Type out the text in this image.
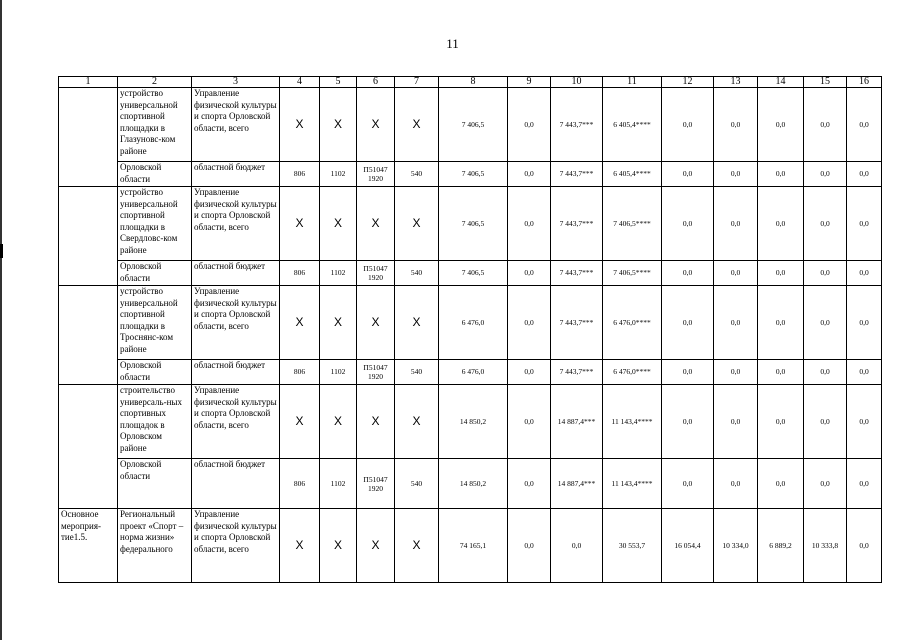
11
1	2	3	4	5	6	7	8	9	10	11	12	13	14	15	16
	устройство универсальной спортивной площадки в Глазуновс-ком районе	Управление физической культуры и спорта Орловской области, всего	Х	Х	Х	Х	7 406,5	0,0	7 443,7***	6 405,4****	0,0	0,0	0,0	0,0	0,0
	Орловской области	областной бюджет	806	1102	П51047 1920	540	7 406,5	0,0	7 443,7***	6 405,4****	0,0	0,0	0,0	0,0	0,0
	устройство универсальной спортивной площадки в Свердловс-ком районе	Управление физической культуры и спорта Орловской области, всего	Х	Х	Х	Х	7 406,5	0,0	7 443,7***	7 406,5****	0,0	0,0	0,0	0,0	0,0
	Орловской области	областной бюджет	806	1102	П51047 1920	540	7 406,5	0,0	7 443,7***	7 406,5****	0,0	0,0	0,0	0,0	0,0
	устройство универсальной спортивной площадки в Троснянс-ком районе	Управление физической культуры и спорта Орловской области, всего	Х	Х	Х	Х	6 476,0	0,0	7 443,7***	6 476,0****	0,0	0,0	0,0	0,0	0,0
	Орловской области	областной бюджет	806	1102	П51047 1920	540	6 476,0	0,0	7 443,7***	6 476,0****	0,0	0,0	0,0	0,0	0,0
	строительство универсаль-ных спортивных площадок в Орловском районе	Управление физической культуры и спорта Орловской области, всего	Х	Х	Х	Х	14 850,2	0,0	14 887,4***	11 143,4****	0,0	0,0	0,0	0,0	0,0
	Орловской области	областной бюджет	806	1102	П51047 1920	540	14 850,2	0,0	14 887,4***	11 143,4****	0,0	0,0	0,0	0,0	0,0
Основное мероприя-тие1.5.	Региональный проект «Спорт – норма жизни» федерального	Управление физической культуры и спорта Орловской области, всего	Х	Х	Х	Х	74 165,1	0,0	0,0	30 553,7	16 054,4	10 334,0	6 889,2	10 333,8	0,0
